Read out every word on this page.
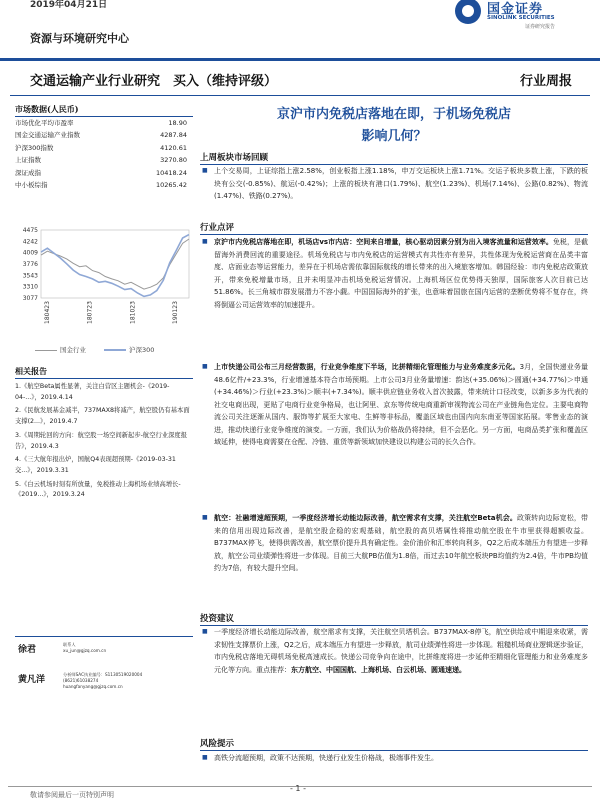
2019年04月21日	国金证券
SINOLINK SECURITIES
证券研究报告
资源与环境研究中心
交通运输产业行业研究　买入（维持评级）	行业周报
市场数据(人民币)
市场优化平均市盈率	18.90
国金交通运输产业指数	4287.84
沪深300指数	4120.61
上证指数	3270.80
深证成指	10418.24
中小板综指	10265.42
4475
4242
4009
3776
3543
3310
3077
180423	180723	181023	190123
国金行业	沪深300
相关报告
1.《航空Beta属性显著，关注白营区主题机会-《2019-04-...》，2019.4.14
2.《民航发展基金减半，737MAX8将减产，航空股仍有基本面支撑(2...》，2019.4.7
3.《周期轮回的方向：航空股一场空间新起步-航空行业深度报告》，2019.4.3
4.《三大航年报出炉，国航Q4表现超预期-《2019-03-31交...》，2019.3.31
5.《白云机场时刻有所放量，免税推动上海机场业绩高增长-《2019...》，2019.3.24
徐君
联系人
xu_jun@gjzq.com.cn
黄凡洋
分析师SAC执业编号：S1130519020004
(8621)61038274
huangfanyang@gjzq.com.cn
京沪市内免税店落地在即，于机场免税店
影响几何？
上周板块市场回顾
■ 上个交易周，上证综指上涨2.58%，创业板指上涨1.18%，申万交运板块上涨1.71%。交运子板块多数上涨，下跌的板块有公交(-0.85%)、航运(-0.42%)；上涨的板块有港口(1.79%)、航空(1.23%)、机场(7.14%)、公路(0.82%)、物流(1.47%)、铁路(0.27%)。
行业点评
■ 京沪市内免税店落地在即，机场店vs市内店：空间来自增量，核心驱动因素分别为出入境客流量和运营效率。免税，是截留海外消费回流的重要途径。机场免税店与市内免税店的运营模式有共性亦有差异，共性体现为免税运营商在品类丰富度、店面业态等运营能力，差异在于机场店需依靠国际航线的增长带来的出入境旅客增加。韩国经验：市内免税店政策放开，带来免税增量市场，且并未明显冲击机场免税运营情况。上海机场区位优势得天独厚，国际旅客人次目前已达51.86%。长三角城市群发展潜力不容小觑。中国国际海外的扩张，也意味着国旅在国内运营的垄断优势将不复存在，终将倒逼公司运营效率的加速提升。
■ 上市快递公司公布三月经营数据，行业竞争维度下半场，比拼精细化管理能力与业务难度多元化。3月，全国快递业务量48.6亿件/+23.3%，行业增速基本符合市场预期。上市公司3月业务量增速：韵达(+35.06%)＞圆通(+34.77%)＞申通(+34.46%)＞行业(+23.3%)＞顺丰(+7.34%)。顺丰供应链业务收入首次披露，带来统计口径改变，以新多多为代表的社交电商出现，更贴了电商行业竞争格局，也让阿里、京东等传统电商重新审视物流公司在产业链角色定位。主要电商物流公司关注逐渐从国内、服饰等扩展至大家电、生鲜等非标品，覆盖区域也由国内向东南亚等国家拓展。零售业态的演进，推动快递行业竞争维度的演变。一方面，我们认为价格战仍将持续，但不会恶化。另一方面，电商品类扩张和覆盖区域延伸，使得电商需要在仓配、冷链、重货等新领域加快建设以构建公司的长久合作。
■ 航空：社融增速超预期，一季度经济增长动能边际改善，航空需求有支撑，关注航空Beta机会。政策转向边际宽松，带来的信用出现边际改善，是航空股企稳的宏观基础，航空股的高贝塔属性将推动航空股在牛市里获得超额收益。B737MAX停飞，使得供需改善，航空票价提升具有确定性。金价油价和汇率转向利多，Q2之后成本端压力有望进一步释放，航空公司业绩弹性将进一步体现。目前三大航PB估值为1.8倍，而过去10年航空板块PB均值约为2.4倍，牛市PB均值约为7倍，有较大提升空间。
投资建议
■ 一季度经济增长动能边际改善，航空需求有支撑，关注航空贝塔机会。B737MAX-8停飞，航空供给或中期迎来收紧，需求韧性支撑票价上涨，Q2之后，成本端压力有望进一步释放，航司业绩弹性将进一步体现。粗糙机场商业逻辑逐步验证，市内免税店落地无碍机场免税高速成长。快递公司竞争向在途中，比拼维度将进一步延伸至精细化管理能力和业务难度多元化等方向。重点推荐：东方航空、中国国航、上海机场、白云机场、圆通速递。
风险提示
■ 高铁分流超预期，政策不达预期，快递行业发生价格战，极端事件发生。
- 1 -
敬请参阅最后一页特别声明
